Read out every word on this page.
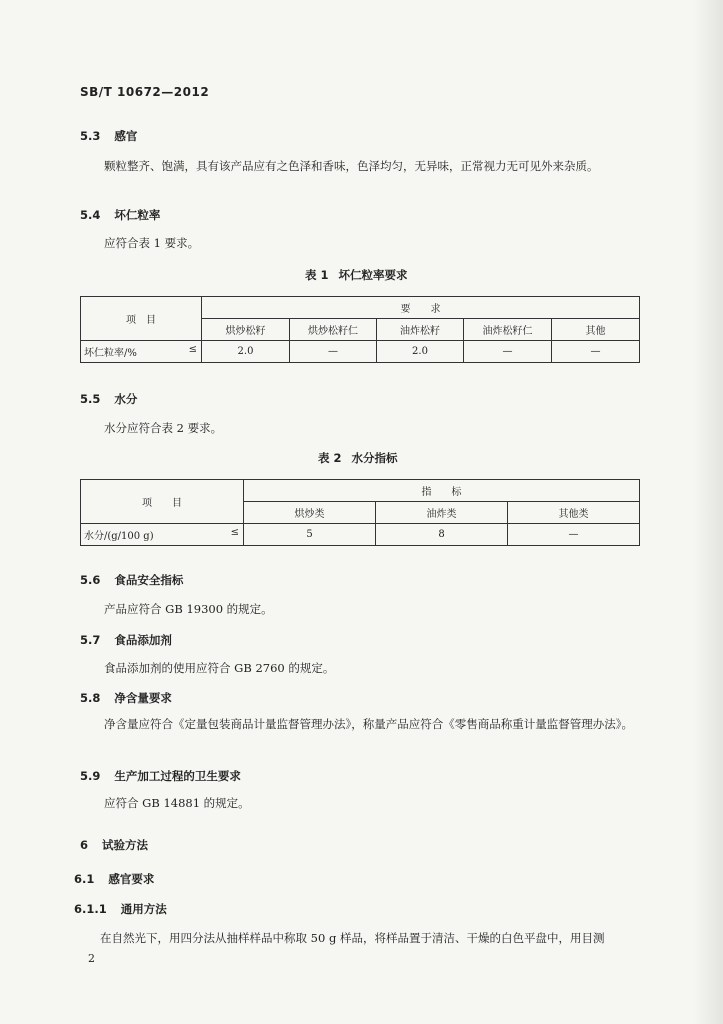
SB/T 10672—2012
5.3 感官
颗粒整齐、饱满，具有该产品应有之色泽和香味，色泽均匀，无异味，正常视力无可见外来杂质。
5.4 坏仁粒率
应符合表 1 要求。
表 1 坏仁粒率要求
项　目	要　　求				
	烘炒松籽	烘炒松籽仁	油炸松籽	油炸松籽仁	其他
坏仁粒率/% ≤	2.0	—	2.0	—	—
5.5 水分
水分应符合表 2 要求。
表 2 水分指标
项　　目	指　　标		
	烘炒类	油炸类	其他类
水分/(g/100 g) ≤	5	8	—
5.6 食品安全指标
产品应符合 GB 19300 的规定。
5.7 食品添加剂
食品添加剂的使用应符合 GB 2760 的规定。
5.8 净含量要求
净含量应符合《定量包装商品计量监督管理办法》，称量产品应符合《零售商品称重计量监督管理办法》。
5.9 生产加工过程的卫生要求
应符合 GB 14881 的规定。
6 试验方法
6.1 感官要求
6.1.1 通用方法
在自然光下，用四分法从抽样样品中称取 50 g 样品，将样品置于清洁、干燥的白色平盘中，用目测
2
